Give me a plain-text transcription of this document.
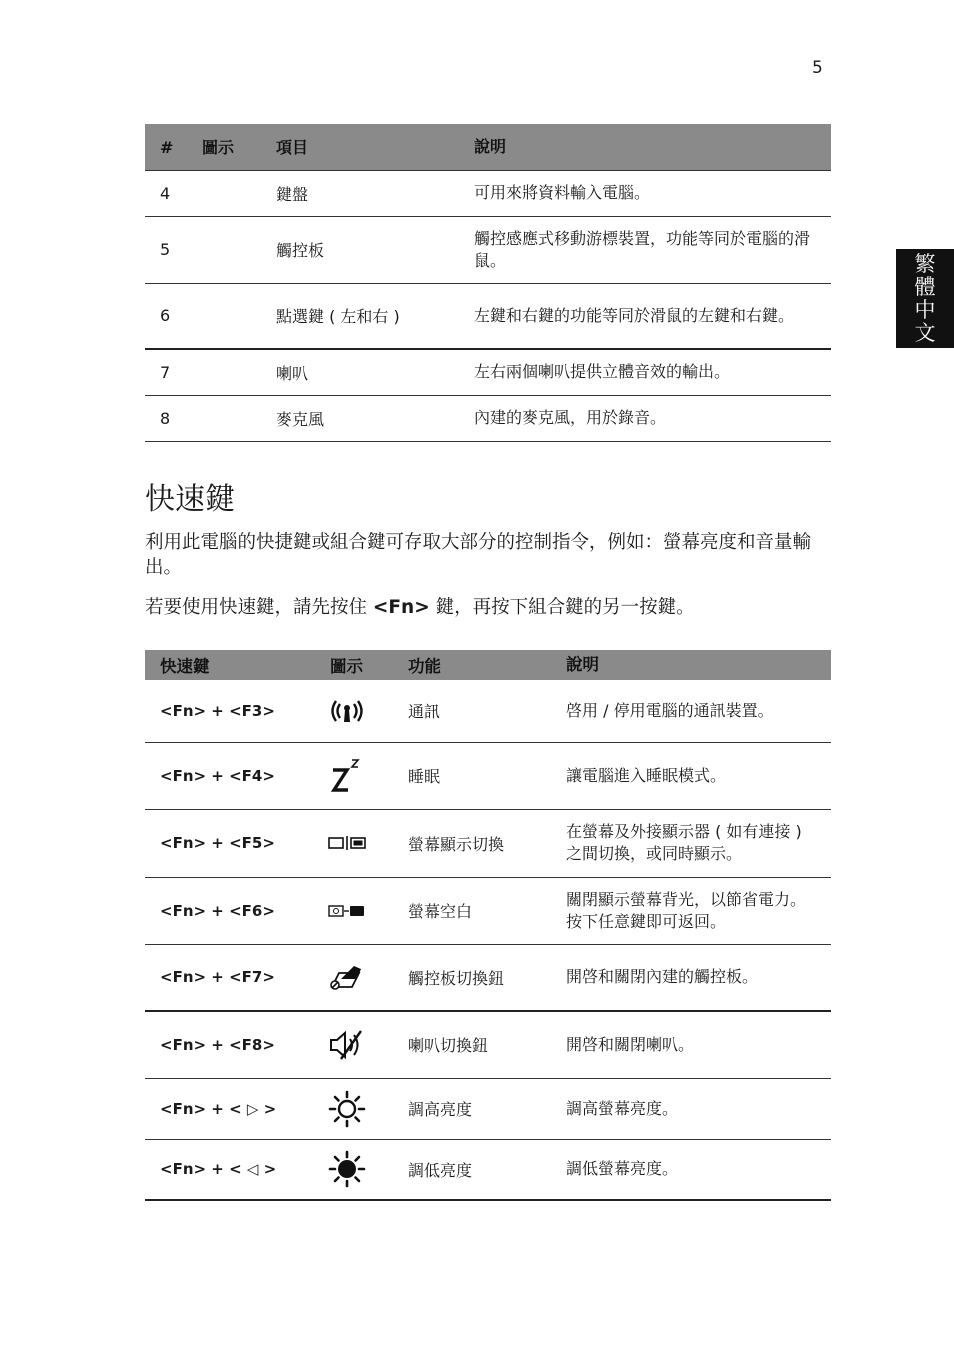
5
繁體中文
# 圖示	項目	說明
4	鍵盤	可用來將資料輸入電腦。
5	觸控板	觸控感應式移動游標裝置，功能等同於電腦的滑鼠。
6	點選鍵 ( 左和右 )	左鍵和右鍵的功能等同於滑鼠的左鍵和右鍵。
7	喇叭	左右兩個喇叭提供立體音效的輸出。
8	麥克風	內建的麥克風，用於錄音。
快速鍵

利用此電腦的快捷鍵或組合鍵可存取大部分的控制指令，例如：螢幕亮度和音量輸出。

若要使用快速鍵，請先按住 <Fn> 鍵，再按下組合鍵的另一按鍵。

快速鍵	圖示	功能	說明
<Fn> + <F3>		通訊	啓用 / 停用電腦的通訊裝置。
<Fn> + <F4>		睡眠	讓電腦進入睡眠模式。
<Fn> + <F5>		螢幕顯示切換	在螢幕及外接顯示器 ( 如有連接 ) 之間切換，或同時顯示。
<Fn> + <F6>		螢幕空白	關閉顯示螢幕背光，以節省電力。按下任意鍵即可返回。
<Fn> + <F7>		觸控板切換鈕	開啓和關閉內建的觸控板。
<Fn> + <F8>		喇叭切換鈕	開啓和關閉喇叭。
<Fn> + < ▷ >		調高亮度	調高螢幕亮度。
<Fn> + < ◁ >		調低亮度	調低螢幕亮度。
